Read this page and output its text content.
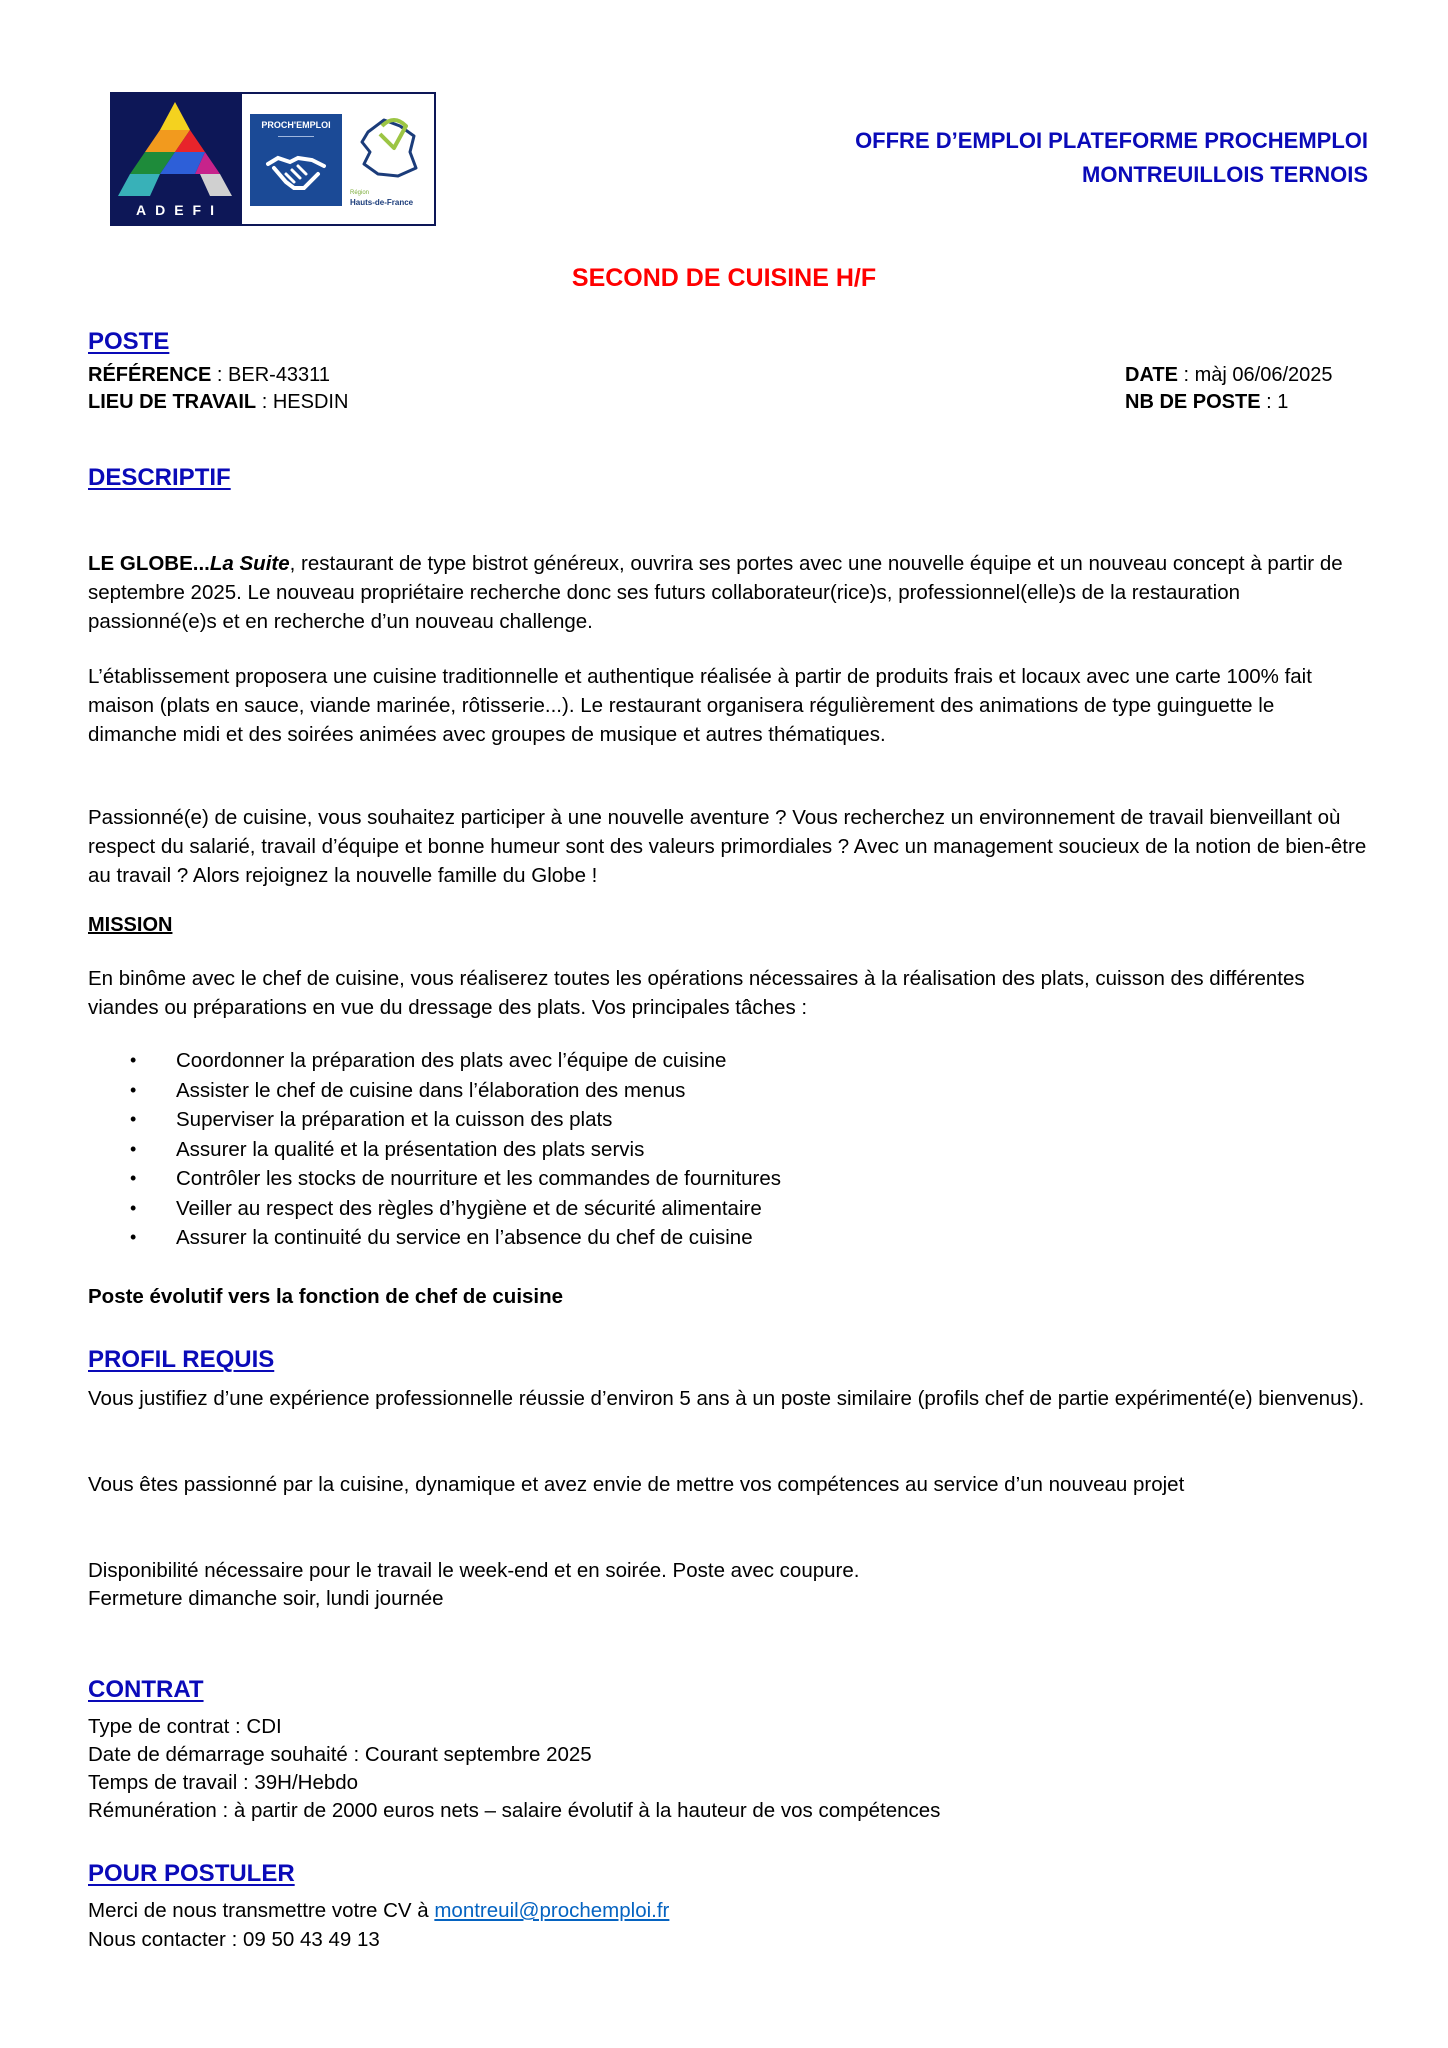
ADEFI
PROCH'EMPLOI
Région
Hauts-de-France
OFFRE D’EMPLOI PLATEFORME PROCHEMPLOI
MONTREUILLOIS TERNOIS
SECOND DE CUISINE H/F
POSTE
RÉFÉRENCE : BER-43311
LIEU DE TRAVAIL : HESDIN
DATE : màj 06/06/2025
NB DE POSTE : 1
DESCRIPTIF
LE GLOBE...La Suite, restaurant de type bistrot généreux, ouvrira ses portes avec une nouvelle équipe et un nouveau concept à partir de septembre 2025. Le nouveau propriétaire recherche donc ses futurs collaborateur(rice)s, professionnel(elle)s de la restauration passionné(e)s et en recherche d’un nouveau challenge.
L’établissement proposera une cuisine traditionnelle et authentique réalisée à partir de produits frais et locaux avec une carte 100% fait maison (plats en sauce, viande marinée, rôtisserie...). Le restaurant organisera régulièrement des animations de type guinguette le dimanche midi et des soirées animées avec groupes de musique et autres thématiques.
Passionné(e) de cuisine, vous souhaitez participer à une nouvelle aventure ? Vous recherchez un environnement de travail bienveillant où respect du salarié, travail d’équipe et bonne humeur sont des valeurs primordiales ? Avec un management soucieux de la notion de bien-être au travail ? Alors rejoignez la nouvelle famille du Globe !
MISSION
En binôme avec le chef de cuisine, vous réaliserez toutes les opérations nécessaires à la réalisation des plats, cuisson des différentes viandes ou préparations en vue du dressage des plats. Vos principales tâches :
• Coordonner la préparation des plats avec l’équipe de cuisine
• Assister le chef de cuisine dans l’élaboration des menus
• Superviser la préparation et la cuisson des plats
• Assurer la qualité et la présentation des plats servis
• Contrôler les stocks de nourriture et les commandes de fournitures
• Veiller au respect des règles d’hygiène et de sécurité alimentaire
• Assurer la continuité du service en l’absence du chef de cuisine
Poste évolutif vers la fonction de chef de cuisine
PROFIL REQUIS
Vous justifiez d’une expérience professionnelle réussie d’environ 5 ans à un poste similaire (profils chef de partie expérimenté(e) bienvenus).
Vous êtes passionné par la cuisine, dynamique et avez envie de mettre vos compétences au service d’un nouveau projet
Disponibilité nécessaire pour le travail le week-end et en soirée. Poste avec coupure.
Fermeture dimanche soir, lundi journée
CONTRAT
Type de contrat : CDI
Date de démarrage souhaité : Courant septembre 2025
Temps de travail : 39H/Hebdo
Rémunération : à partir de 2000 euros nets – salaire évolutif à la hauteur de vos compétences
POUR POSTULER
Merci de nous transmettre votre CV à montreuil@prochemploi.fr
Nous contacter : 09 50 43 49 13
